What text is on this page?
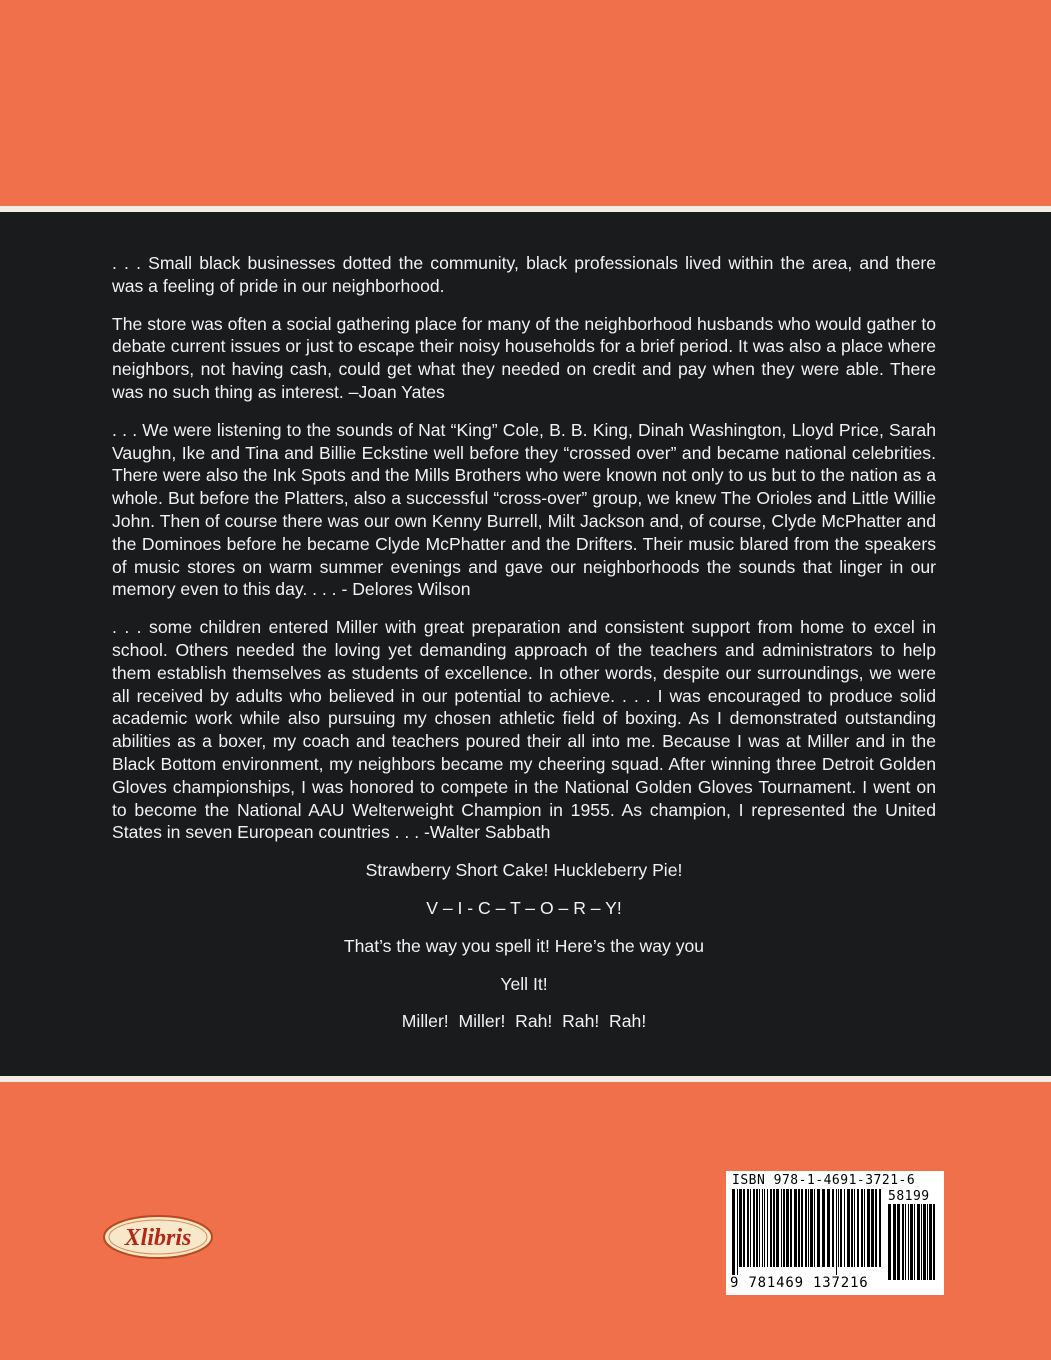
. . . Small black businesses dotted the community, black professionals lived within the area, and there was a feeling of pride in our neighborhood.

The store was often a social gathering place for many of the neighborhood husbands who would gather to debate current issues or just to escape their noisy households for a brief period. It was also a place where neighbors, not having cash, could get what they needed on credit and pay when they were able. There was no such thing as interest. –Joan Yates

. . . We were listening to the sounds of Nat “King” Cole, B. B. King, Dinah Washington, Lloyd Price, Sarah Vaughn, Ike and Tina and Billie Eckstine well before they “crossed over” and became national celebrities. There were also the Ink Spots and the Mills Brothers who were known not only to us but to the nation as a whole. But before the Platters, also a successful “cross-over” group, we knew The Orioles and Little Willie John. Then of course there was our own Kenny Burrell, Milt Jackson and, of course, Clyde McPhatter and the Dominoes before he became Clyde McPhatter and the Drifters. Their music blared from the speakers of music stores on warm summer evenings and gave our neighborhoods the sounds that linger in our memory even to this day. . . . - Delores Wilson

. . . some children entered Miller with great preparation and consistent support from home to excel in school. Others needed the loving yet demanding approach of the teachers and administrators to help them establish themselves as students of excellence. In other words, despite our surroundings, we were all received by adults who believed in our potential to achieve. . . . I was encouraged to produce solid academic work while also pursuing my chosen athletic field of boxing. As I demonstrated outstanding abilities as a boxer, my coach and teachers poured their all into me. Because I was at Miller and in the Black Bottom environment, my neighbors became my cheering squad. After winning three Detroit Golden Gloves championships, I was honored to compete in the National Golden Gloves Tournament. I went on to become the National AAU Welterweight Champion in 1955. As champion, I represented the United States in seven European countries . . . -Walter Sabbath

Strawberry Short Cake! Huckleberry Pie!

V – I - C – T – O – R – Y!

That’s the way you spell it! Here’s the way you

Yell It!

Miller!  Miller!  Rah!  Rah!  Rah!

Xlibris
ISBN 978-1-4691-3721-6
58199
9 781469 137216
